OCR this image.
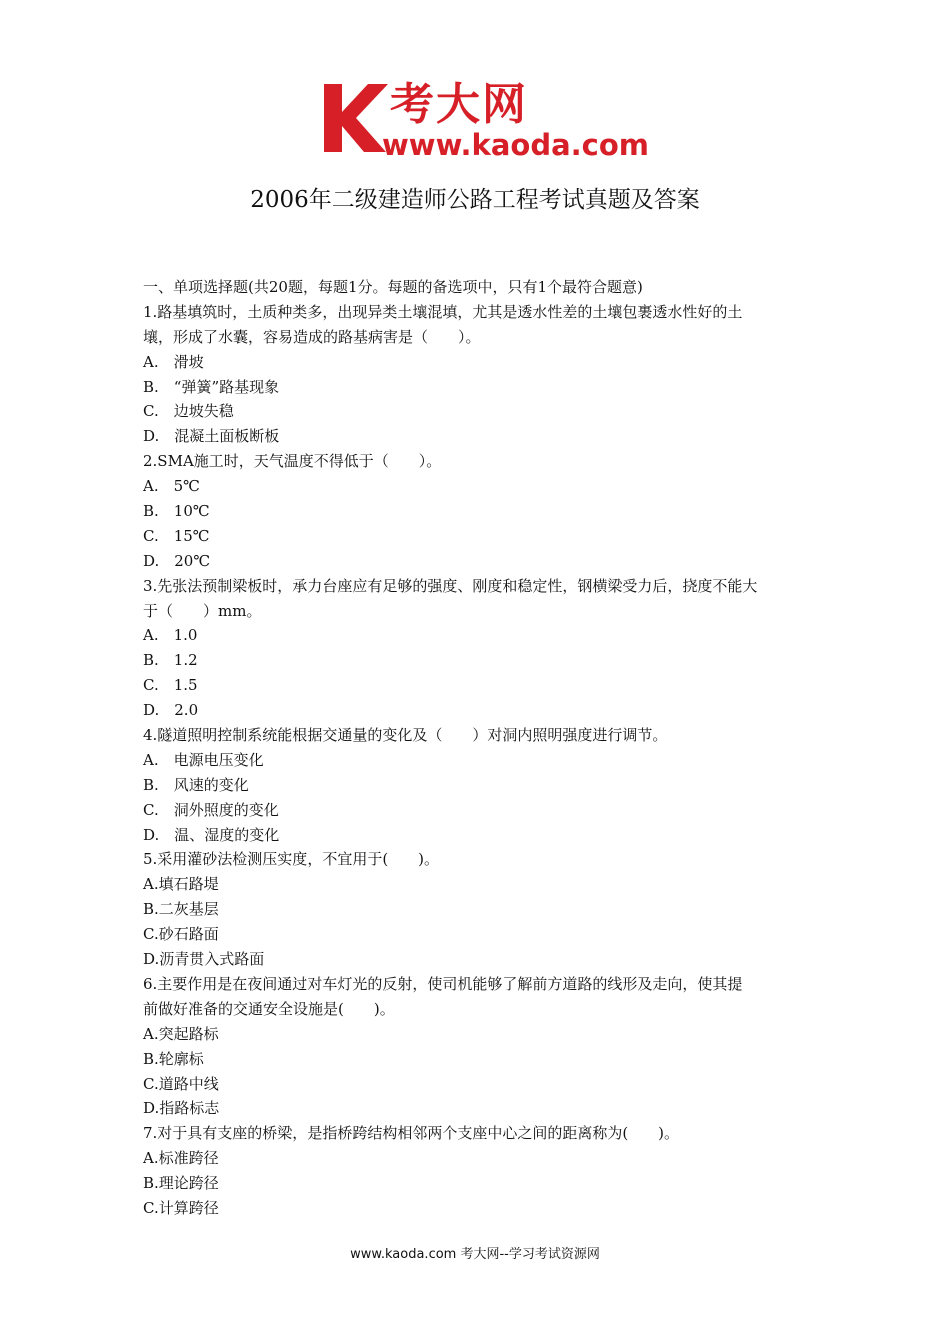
考大网
www.kaoda.com
2006年二级建造师公路工程考试真题及答案
一、单项选择题(共20题，每题1分。每题的备选项中，只有1个最符合题意)
1.路基填筑时，土质种类多，出现异类土壤混填，尤其是透水性差的土壤包裹透水性好的土
壤，形成了水囊，容易造成的路基病害是（　　）。
A.　滑坡
B.　“弹簧”路基现象
C.　边坡失稳
D.　混凝土面板断板
2.SMA施工时，天气温度不得低于（　　）。
A.　5℃
B.　10℃
C.　15℃
D.　20℃
3.先张法预制梁板时，承力台座应有足够的强度、刚度和稳定性，钢横梁受力后，挠度不能大
于（　　）mm。
A.　1.0
B.　1.2
C.　1.5
D.　2.0
4.隧道照明控制系统能根据交通量的变化及（　　）对洞内照明强度进行调节。
A.　电源电压变化
B.　风速的变化
C.　洞外照度的变化
D.　温、湿度的变化
5.采用灌砂法检测压实度，不宜用于(　　)。
A.填石路堤
B.二灰基层
C.砂石路面
D.沥青贯入式路面
6.主要作用是在夜间通过对车灯光的反射，使司机能够了解前方道路的线形及走向，使其提
前做好准备的交通安全设施是(　　)。
A.突起路标
B.轮廓标
C.道路中线
D.指路标志
7.对于具有支座的桥梁，是指桥跨结构相邻两个支座中心之间的距离称为(　　)。
A.标准跨径
B.理论跨径
C.计算跨径
www.kaoda.com 考大网--学习考试资源网
